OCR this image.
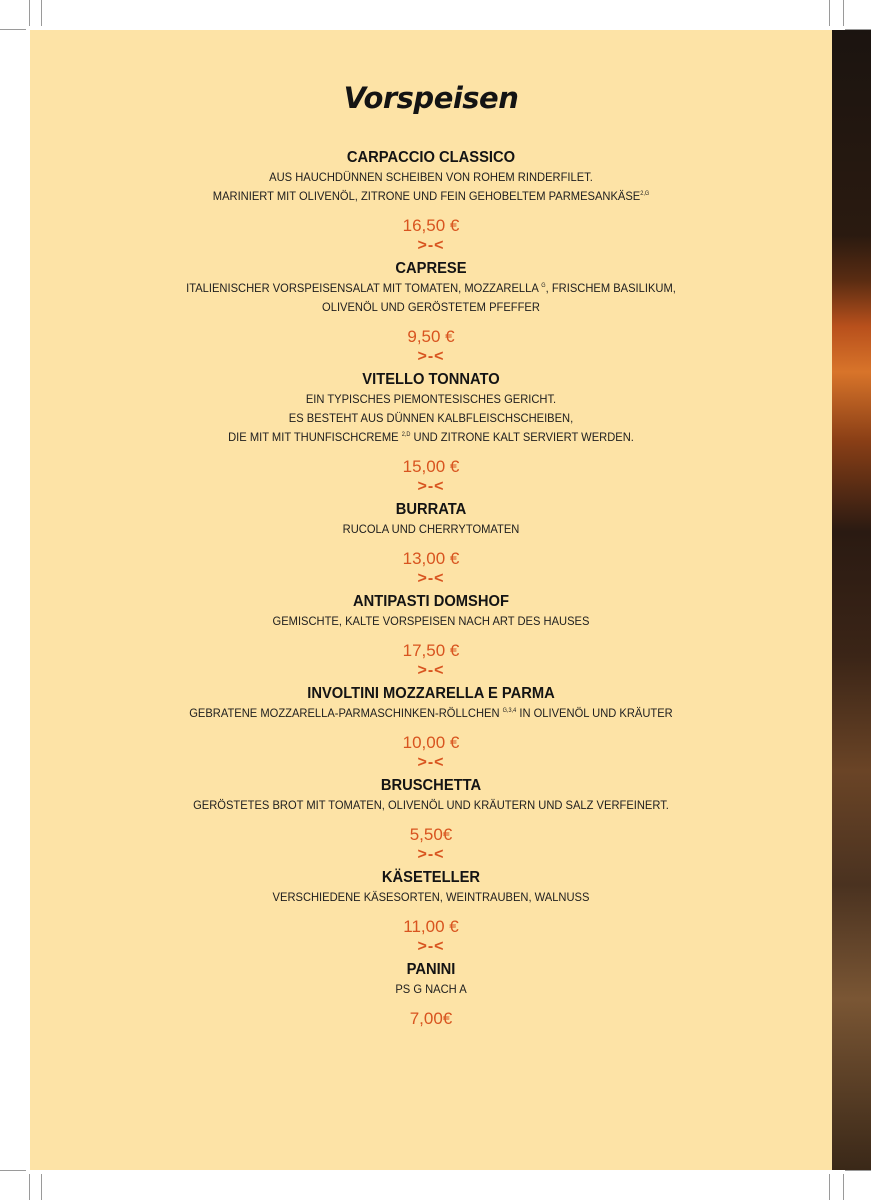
Vorspeisen
CARPACCIO CLASSICO
AUS HAUCHDÜNNEN SCHEIBEN VON ROHEM RINDERFILET.
MARINIERT MIT OLIVENÖL, ZITRONE UND FEIN GEHOBELTEM $PARMESANKÄSE^{2,G}$
16,50 €
>-<
CAPRESE
ITALIENISCHER VORSPEISENSALAT MIT TOMATEN, MOZZARELLA $^G$, FRISCHEM BASILIKUM,
OLIVENÖL UND GERÖSTETEM PFEFFER
9,50 €
>-<
VITELLO TONNATO
EIN TYPISCHES PIEMONTESISCHES GERICHT.
ES BESTEHT AUS DÜNNEN KALBFLEISCHSCHEIBEN,
DIE MIT MIT THUNFISCHCREME $^{2,D}$ UND ZITRONE KALT SERVIERT WERDEN.
15,00 €
>-<
BURRATA
RUCOLA UND CHERRYTOMATEN
13,00 €
>-<
ANTIPASTI DOMSHOF
GEMISCHTE, KALTE VORSPEISEN NACH ART DES HAUSES
17,50 €
>-<
INVOLTINI MOZZARELLA E PARMA
GEBRATENE MOZZARELLA-PARMASCHINKEN-RÖLLCHEN $^{G,3,4}$ IN OLIVENÖL UND KRÄUTER
10,00 €
>-<
BRUSCHETTA
GERÖSTETES BROT MIT TOMATEN, OLIVENÖL UND KRÄUTERN UND SALZ VERFEINERT.
5,50€
>-<
KÄSETELLER
VERSCHIEDENE KÄSESORTEN, WEINTRAUBEN, WALNUSS
11,00 €
>-<
PANINI
PS G NACH A
7,00€
